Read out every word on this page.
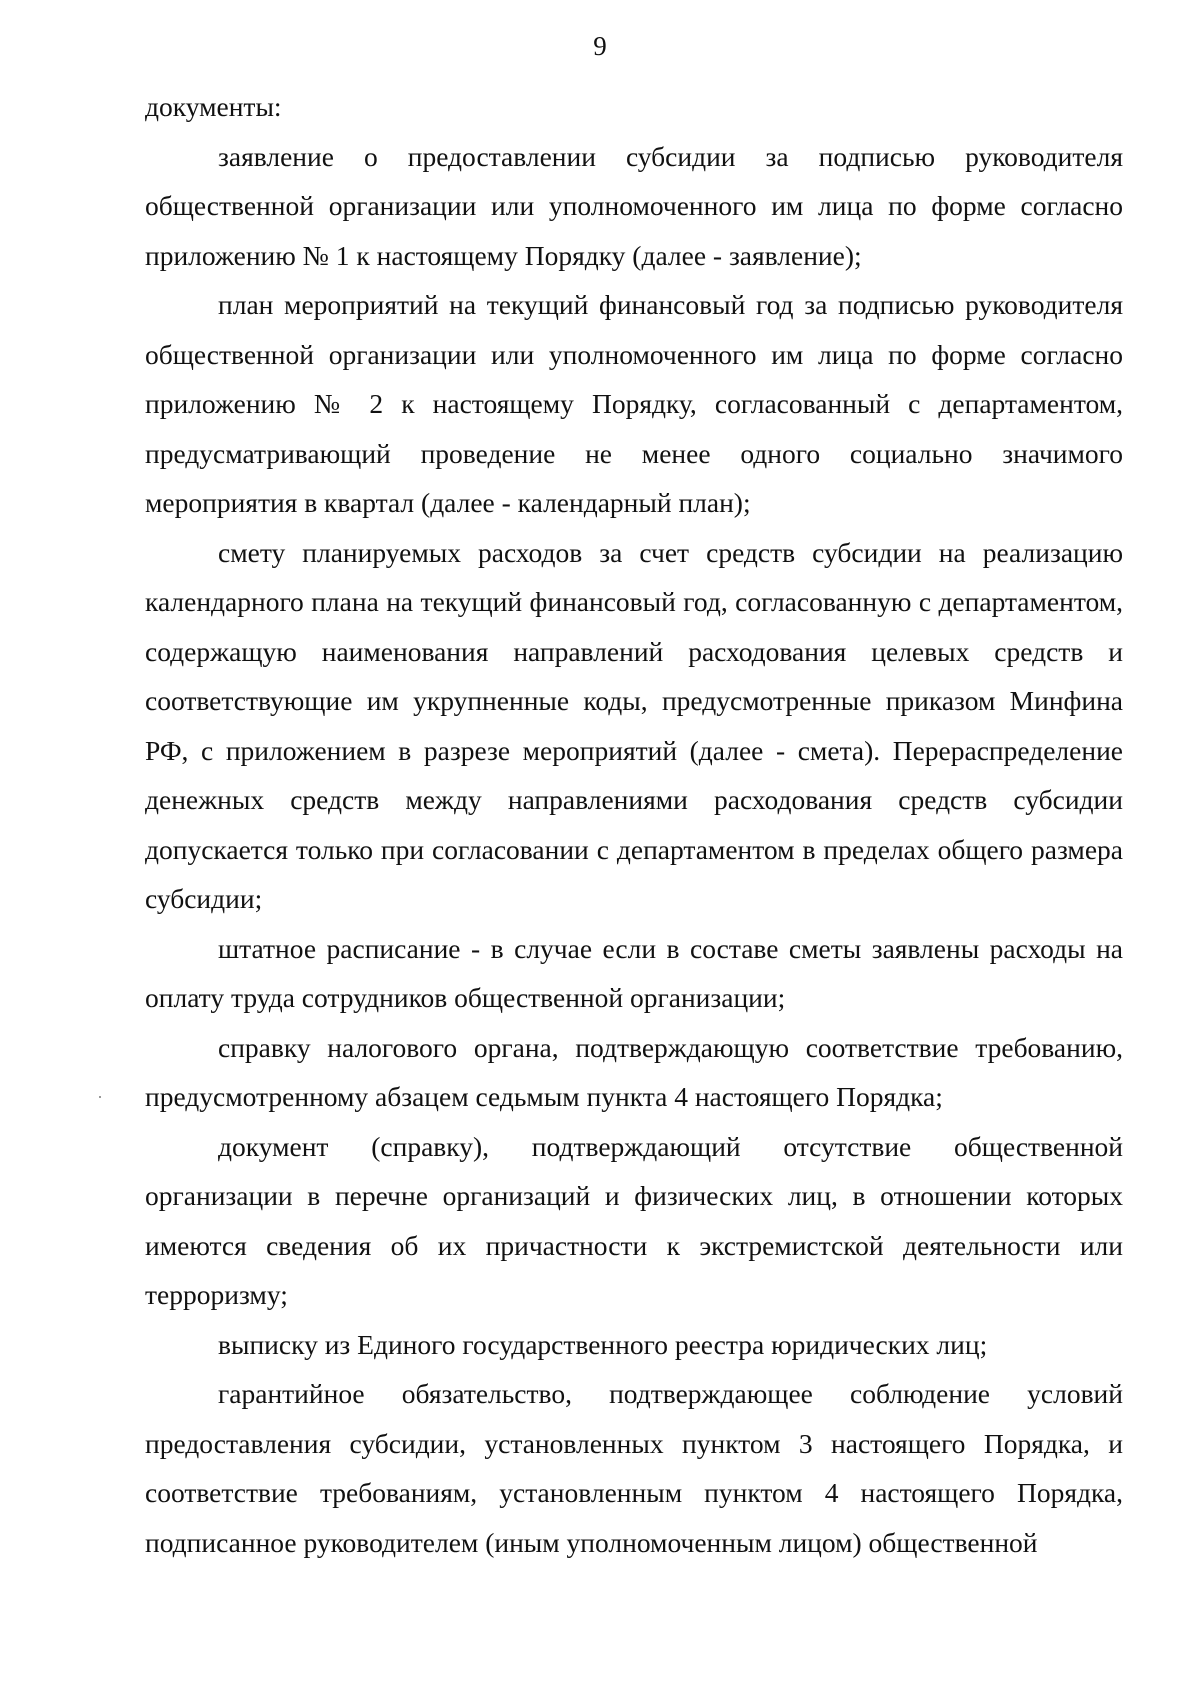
9

документы:

заявление о предоставлении субсидии за подписью руководителя общественной организации или уполномоченного им лица по форме согласно приложению № 1 к настоящему Порядку (далее - заявление);

план мероприятий на текущий финансовый год за подписью руководителя общественной организации или уполномоченного им лица по форме согласно приложению № 2 к настоящему Порядку, согласованный с департаментом, предусматривающий проведение не менее одного социально значимого мероприятия в квартал (далее - календарный план);

смету планируемых расходов за счет средств субсидии на реализацию календарного плана на текущий финансовый год, согласованную с департаментом, содержащую наименования направлений расходования целевых средств и соответствующие им укрупненные коды, предусмотренные приказом Минфина РФ, с приложением в разрезе мероприятий (далее - смета). Перераспределение денежных средств между направлениями расходования средств субсидии допускается только при согласовании с департаментом в пределах общего размера субсидии;

штатное расписание - в случае если в составе сметы заявлены расходы на оплату труда сотрудников общественной организации;

справку налогового органа, подтверждающую соответствие требованию, предусмотренному абзацем седьмым пункта 4 настоящего Порядка;

документ (справку), подтверждающий отсутствие общественной организации в перечне организаций и физических лиц, в отношении которых имеются сведения об их причастности к экстремистской деятельности или терроризму;

выписку из Единого государственного реестра юридических лиц;

гарантийное обязательство, подтверждающее соблюдение условий предоставления субсидии, установленных пунктом 3 настоящего Порядка, и соответствие требованиям, установленным пунктом 4 настоящего Порядка, подписанное руководителем (иным уполномоченным лицом) общественной
